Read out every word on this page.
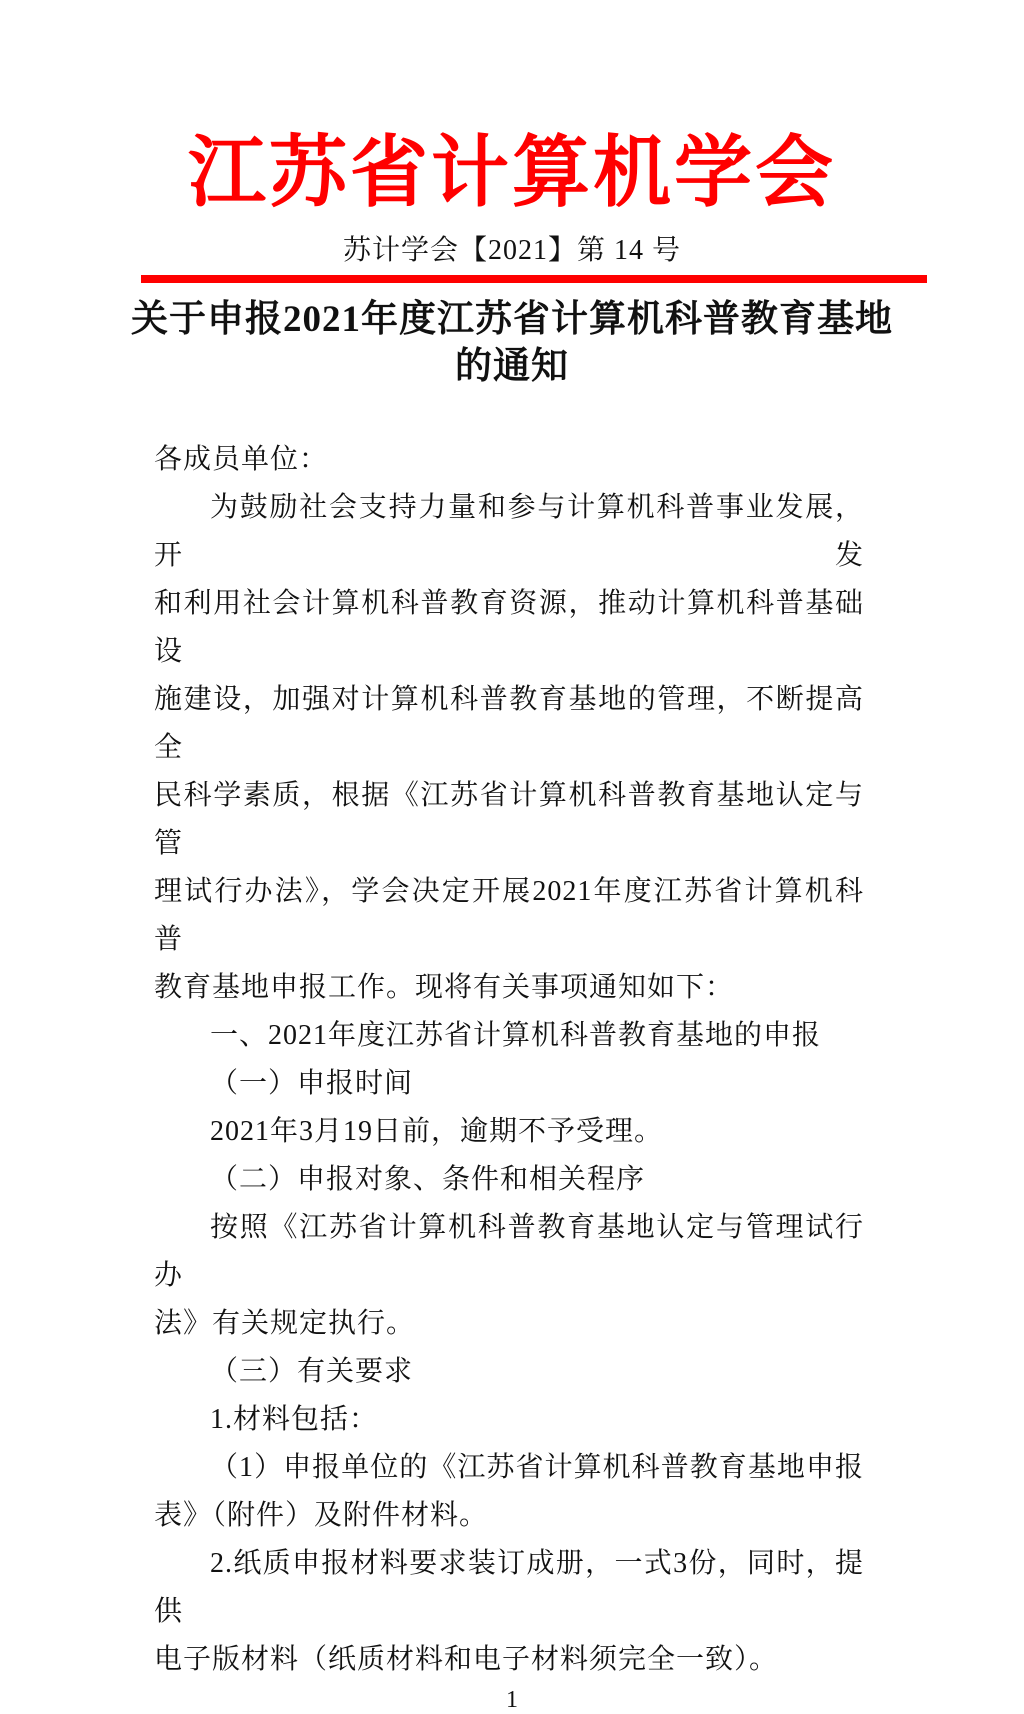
江苏省计算机学会
苏计学会【2021】第 14 号
关于申报2021年度江苏省计算机科普教育基地
的通知
各成员单位：
为鼓励社会支持力量和参与计算机科普事业发展，开发
和利用社会计算机科普教育资源，推动计算机科普基础设
施建设，加强对计算机科普教育基地的管理，不断提高全
民科学素质，根据《江苏省计算机科普教育基地认定与管
理试行办法》，学会决定开展2021年度江苏省计算机科普
教育基地申报工作。现将有关事项通知如下：
一、2021年度江苏省计算机科普教育基地的申报
（一）申报时间
2021年3月19日前，逾期不予受理。
（二）申报对象、条件和相关程序
按照《江苏省计算机科普教育基地认定与管理试行办
法》有关规定执行。
（三）有关要求
1.材料包括：
（1）申报单位的《江苏省计算机科普教育基地申报
表》（附件）及附件材料。
2.纸质申报材料要求装订成册，一式3份，同时，提供
电子版材料（纸质材料和电子材料须完全一致）。
1
